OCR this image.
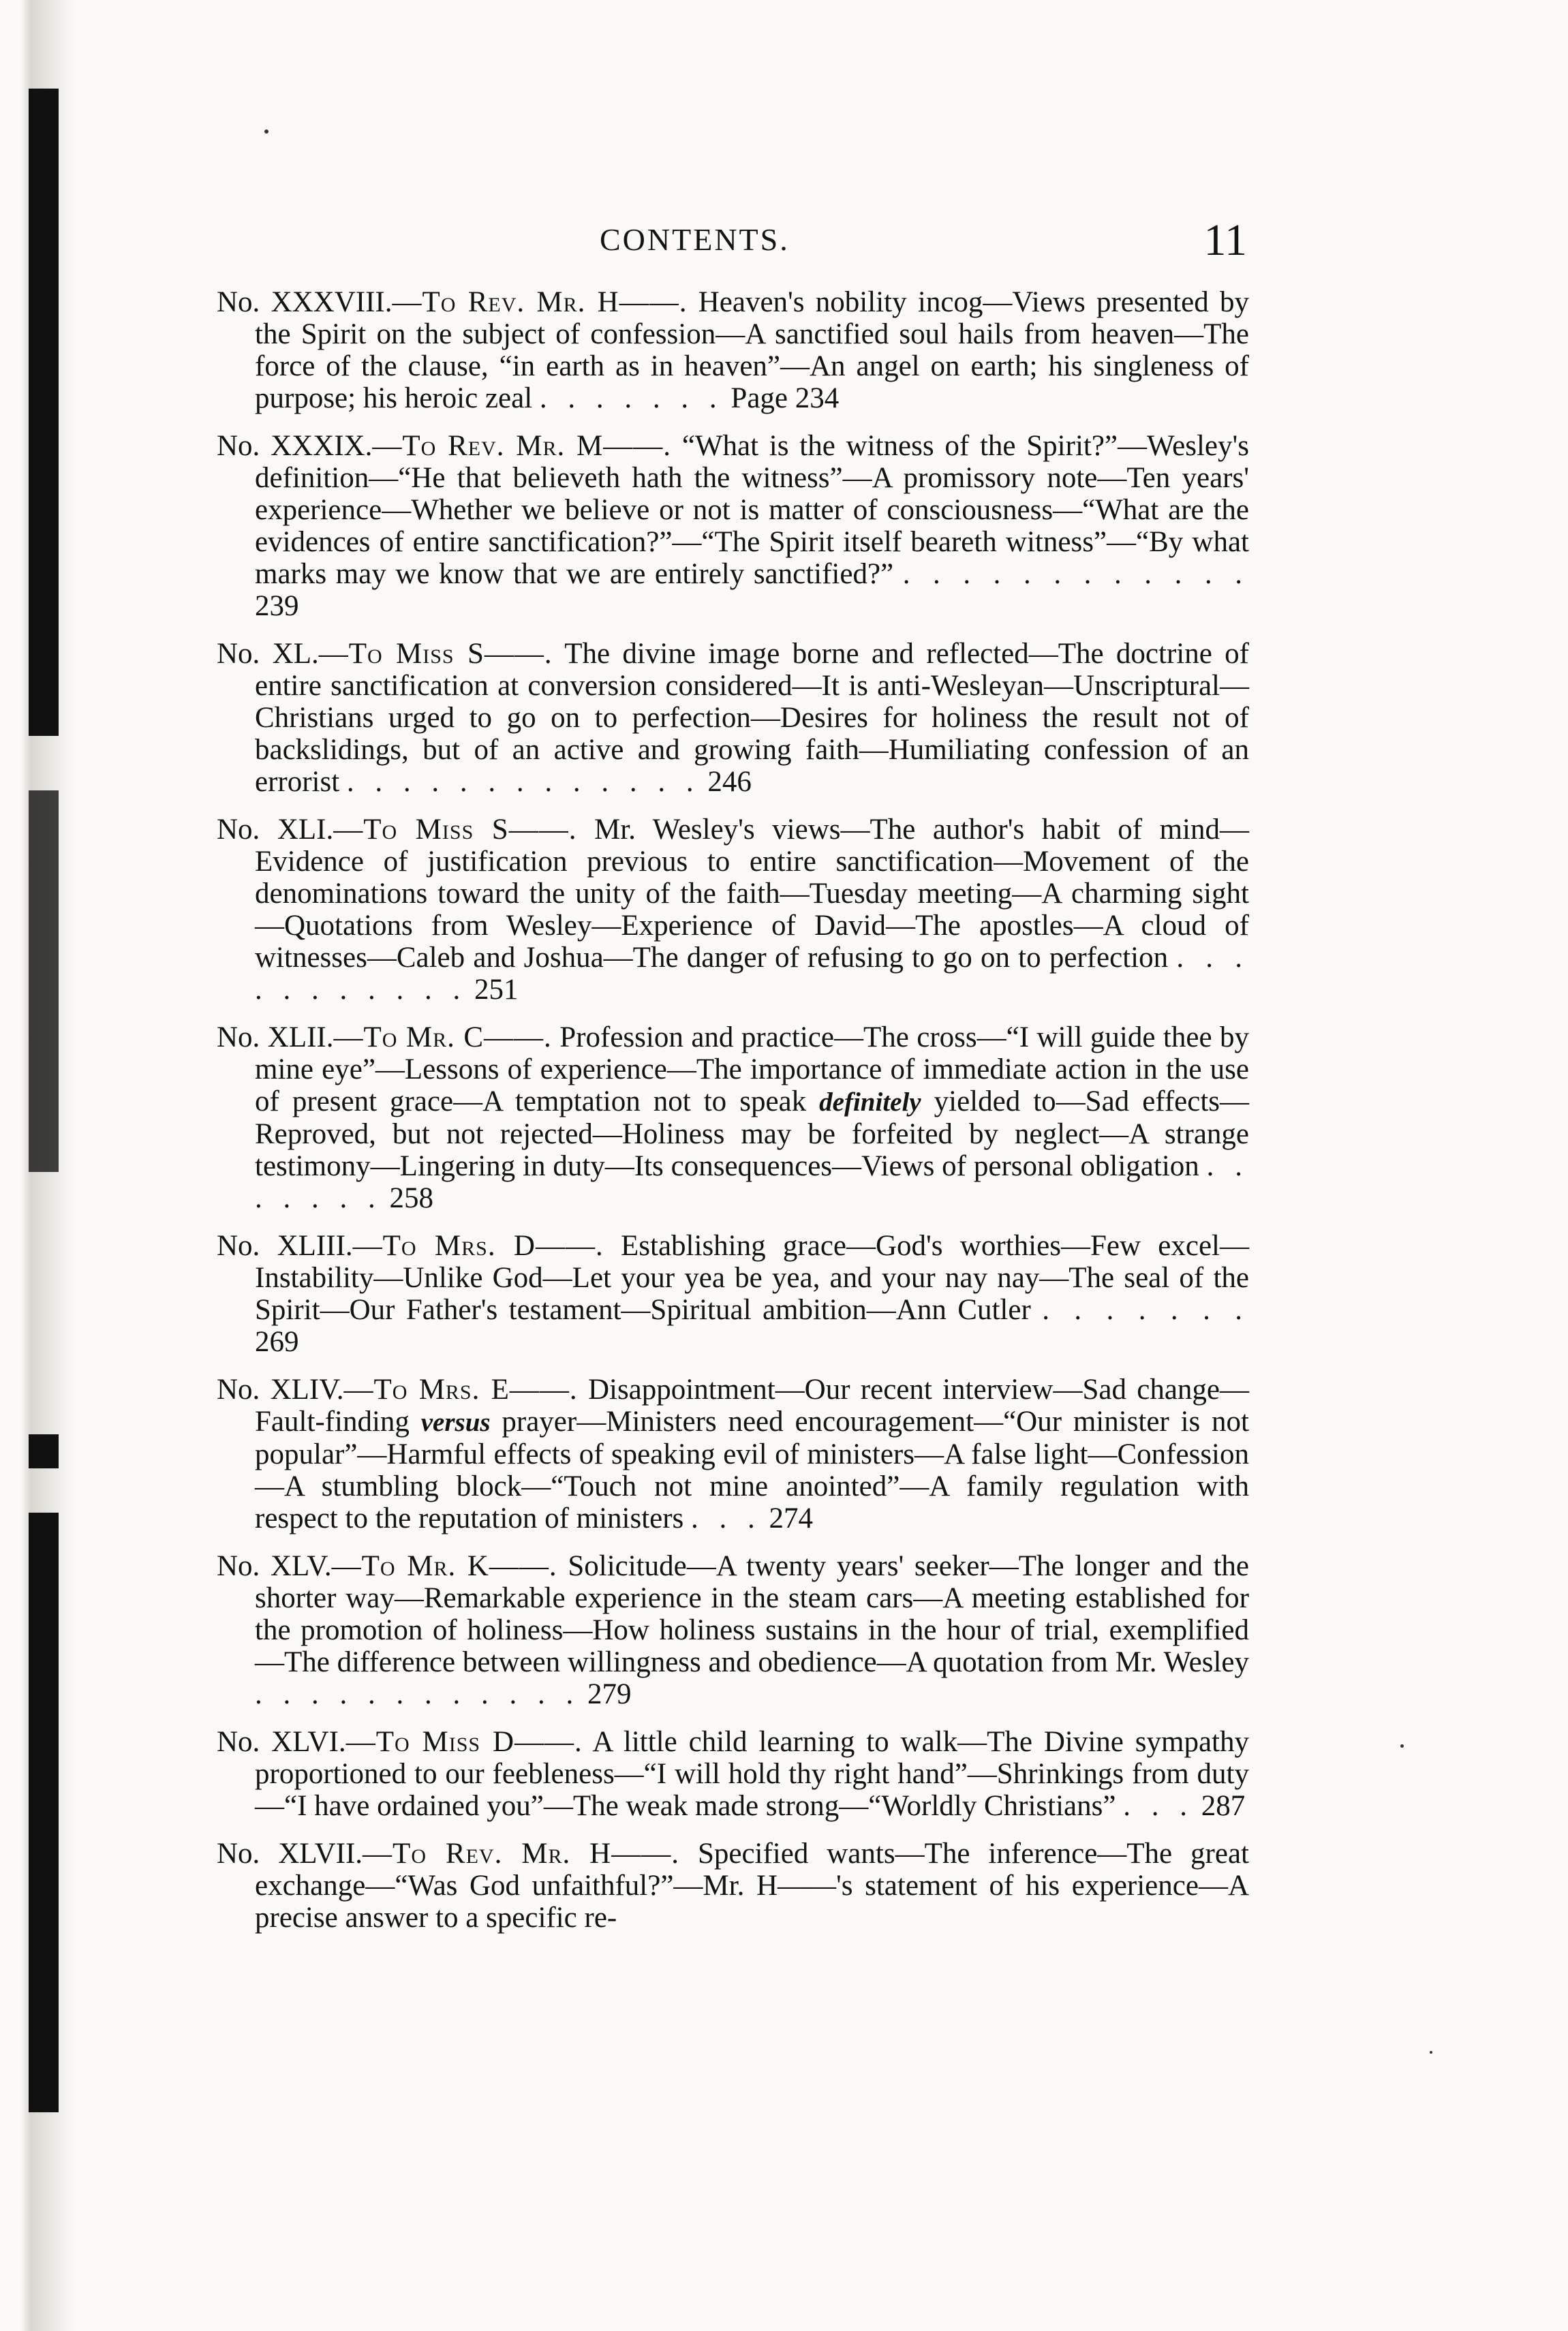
CONTENTS.	11
No. XXXVIII.—To Rev. Mr. H——. Heaven's nobility incog—Views presented by the Spirit on the subject of confession—A sanctified soul hails from heaven—The force of the clause, “in earth as in heaven”—An angel on earth; his singleness of purpose; his heroic zeal . . . . . . . Page 234
No. XXXIX.—To Rev. Mr. M——. “What is the witness of the Spirit?”—Wesley's definition—“He that believeth hath the witness”—A promissory note—Ten years' experience—Whether we believe or not is matter of consciousness—“What are the evidences of entire sanctification?”—“The Spirit itself beareth witness”—“By what marks may we know that we are entirely sanctified?” . . . . . . . . . . . . 239
No. XL.—To Miss S——. The divine image borne and reflected—The doctrine of entire sanctification at conversion considered—It is anti-Wesleyan—Unscriptural—Christians urged to go on to perfection—Desires for holiness the result not of backslidings, but of an active and growing faith—Humiliating confession of an errorist . . . . . . . . . . . . . 246
No. XLI.—To Miss S——. Mr. Wesley's views—The author's habit of mind—Evidence of justification previous to entire sanctification—Movement of the denominations toward the unity of the faith—Tuesday meeting—A charming sight—Quotations from Wesley—Experience of David—The apostles—A cloud of witnesses—Caleb and Joshua—The danger of refusing to go on to perfection . . . . . . . . . . . 251
No. XLII.—To Mr. C——. Profession and practice—The cross—“I will guide thee by mine eye”—Lessons of experience—The importance of immediate action in the use of present grace—A temptation not to speak definitely yielded to—Sad effects—Reproved, but not rejected—Holiness may be forfeited by neglect—A strange testimony—Lingering in duty—Its consequences—Views of personal obligation . . . . . . . 258
No. XLIII.—To Mrs. D——. Establishing grace—God's worthies—Few excel—Instability—Unlike God—Let your yea be yea, and your nay nay—The seal of the Spirit—Our Father's testament—Spiritual ambition—Ann Cutler . . . . . . . 269
No. XLIV.—To Mrs. E——. Disappointment—Our recent interview—Sad change—Fault-finding versus prayer—Ministers need encouragement—“Our minister is not popular”—Harmful effects of speaking evil of ministers—A false light—Confession—A stumbling block—“Touch not mine anointed”—A family regulation with respect to the reputation of ministers . . . 274
No. XLV.—To Mr. K——. Solicitude—A twenty years' seeker—The longer and the shorter way—Remarkable experience in the steam cars—A meeting established for the promotion of holiness—How holiness sustains in the hour of trial, exemplified—The difference between willingness and obedience—A quotation from Mr. Wesley . . . . . . . . . . . . 279
No. XLVI.—To Miss D——. A little child learning to walk—The Divine sympathy proportioned to our feebleness—“I will hold thy right hand”—Shrinkings from duty—“I have ordained you”—The weak made strong—“Worldly Christians” . . . 287
No. XLVII.—To Rev. Mr. H——. Specified wants—The inference—The great exchange—“Was God unfaithful?”—Mr. H——'s statement of his experience—A precise answer to a specific re-
